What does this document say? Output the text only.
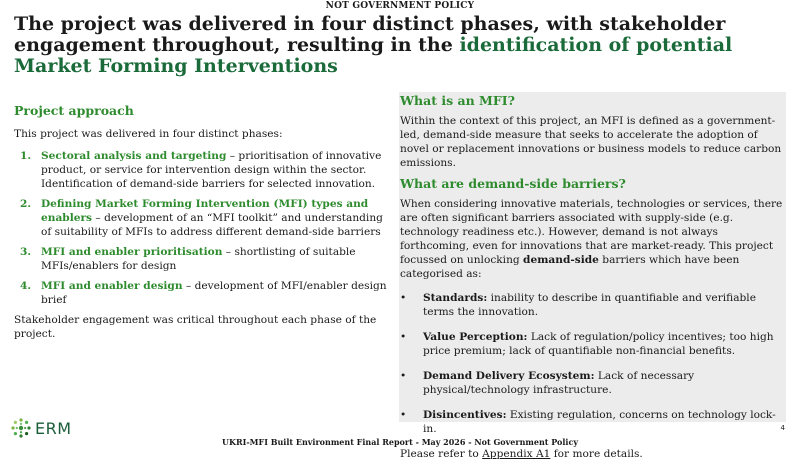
NOT GOVERNMENT POLICY
The project was delivered in four distinct phases, with stakeholder engagement throughout, resulting in the identification of potential Market Forming Interventions
Project approach

This project was delivered in four distinct phases:

1. Sectoral analysis and targeting – prioritisation of innovative product, or service for intervention design within the sector. Identification of demand-side barriers for selected innovation.
2. Defining Market Forming Intervention (MFI) types and enablers – development of an “MFI toolkit” and understanding of suitability of MFIs to address different demand-side barriers
3. MFI and enabler prioritisation – shortlisting of suitable MFIs/enablers for design
4. MFI and enabler design – development of MFI/enabler design brief

Stakeholder engagement was critical throughout each phase of the project.

What is an MFI?

Within the context of this project, an MFI is defined as a government-led, demand-side measure that seeks to accelerate the adoption of novel or replacement innovations or business models to reduce carbon emissions.

What are demand-side barriers?

When considering innovative materials, technologies or services, there are often significant barriers associated with supply-side (e.g. technology readiness etc.). However, demand is not always forthcoming, even for innovations that are market-ready. This project focussed on unlocking demand-side barriers which have been categorised as:

• Standards: inability to describe in quantifiable and verifiable terms the innovation.
• Value Perception: Lack of regulation/policy incentives; too high price premium; lack of quantifiable non-financial benefits.
• Demand Delivery Ecosystem: Lack of necessary physical/technology infrastructure.
• Disincentives: Existing regulation, concerns on technology lock-in.

Please refer to Appendix A1 for more details.

ERM	4
UKRI-MFI Built Environment Final Report - May 2026 - Not Government Policy
